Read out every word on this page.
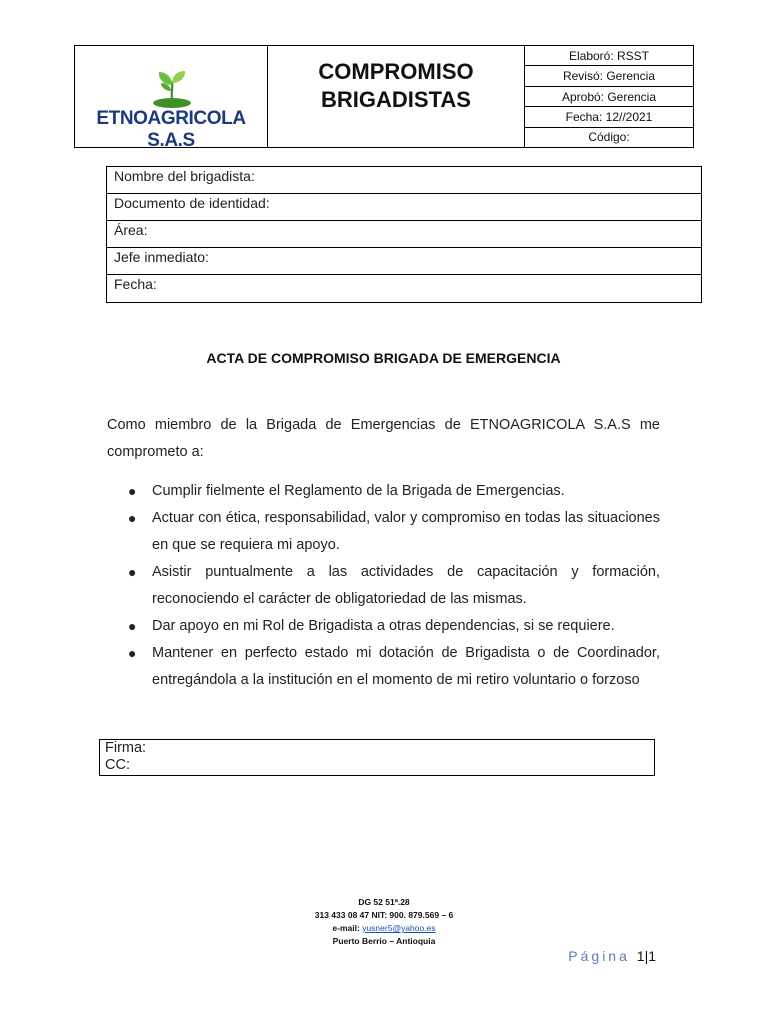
ETNOAGRICOLA S.A.S
COMPROMISO
BRIGADISTAS
Elaboró: RSST
Revisó: Gerencia
Aprobó: Gerencia
Fecha: 12//2021
Código:
Nombre del brigadista:
Documento de identidad:
Área:
Jefe inmediato:
Fecha:
ACTA DE COMPROMISO BRIGADA DE EMERGENCIA
Como miembro de la Brigada de Emergencias de ETNOAGRICOLA S.A.S me comprometo a:
● Cumplir fielmente el Reglamento de la Brigada de Emergencias.
● Actuar con ética, responsabilidad, valor y compromiso en todas las situaciones en que se requiera mi apoyo.
● Asistir puntualmente a las actividades de capacitación y formación, reconociendo el carácter de obligatoriedad de las mismas.
● Dar apoyo en mi Rol de Brigadista a otras dependencias, si se requiere.
● Mantener en perfecto estado mi dotación de Brigadista o de Coordinador, entregándola a la institución en el momento de mi retiro voluntario o forzoso
Firma:
CC:
DG 52 51ª.28
313 433 08 47 NIT: 900. 879.569 – 6
e-mail: yusner5@yahoo.es
Puerto Berrio – Antioquia
Página 1|1
